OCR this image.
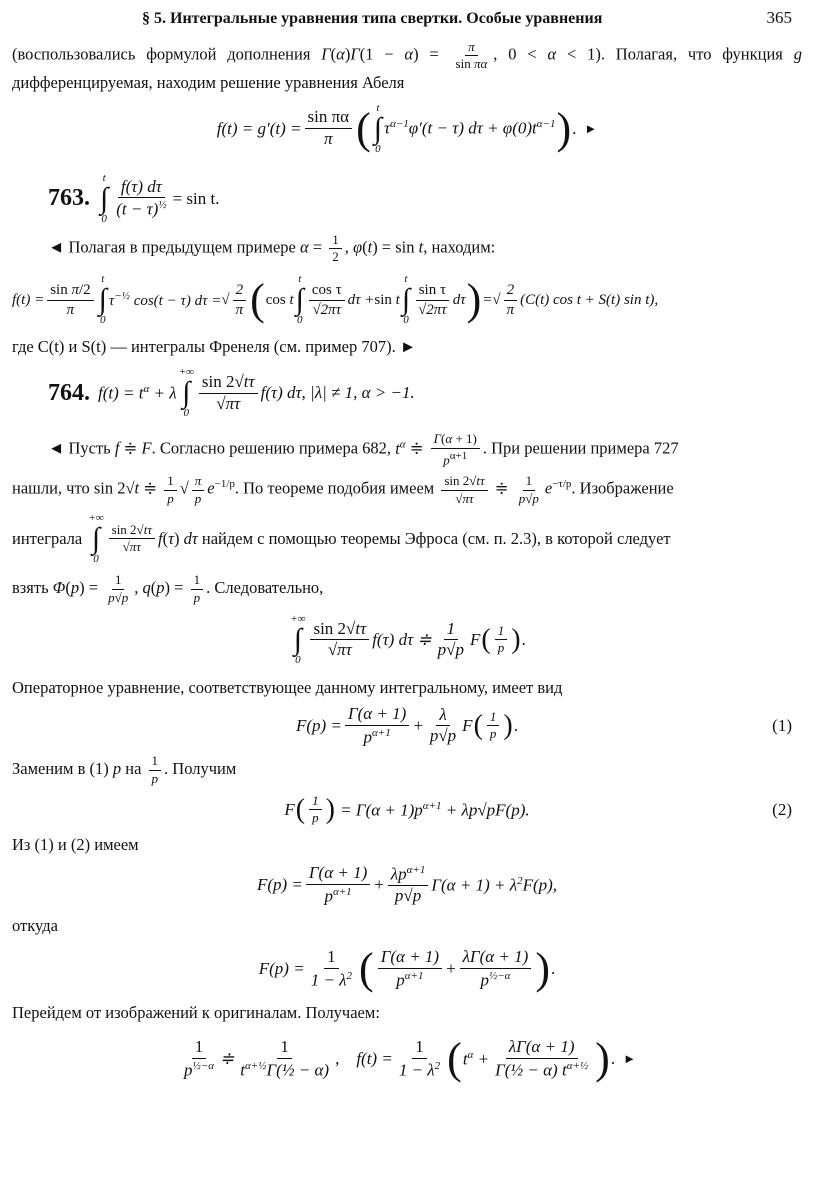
§ 5. Интегральные уравнения типа свертки. Особые уравнения	365

(воспользовались формулой дополнения $\Gamma(\alpha)\Gamma(1 - \alpha) = \frac{\pi}{\text{sin πα}}$ , 0 < α < 1). Полагая, что функция g дифференцируемая, находим решение уравнения Абеля

$f(t) = g'(t) = \frac{\text{sin πα}}{\pi}$ ( t
∫
0
$\tau^{\alpha-1}\varphi'(t - \tau) d\tau + \varphi(0)t^{\alpha-1}$ ) . ►
763.
t
∫
$0 \frac{f(\tau) d\tau}{(t - \tau)^{\frac{1}{2}}} = \sin t$.

◄ Полагая в предыдущем примере $\alpha = \frac{1}{2}$ , φ(t) = sin t, находим:

$f(t) = \frac{\text{sin π/2}}{\pi}$
t
∫
0
$\tau^{-\frac{1}{2}}$ cos(t − τ) dτ = √ $\frac{2}{\pi}$ ( cos t
t
∫
0
$\frac{\text{cos τ}}{√2\pi\tau}$ dτ + sin t
t
∫
0
$\frac{\text{sin τ}}{√2\pi\tau}$ dτ ) = √ $\frac{2}{\pi} (C(t)$ cos t + S(t) sin t),

где C(t) и S(t) — интегралы Френеля (см. пример 707). ►

764. $f(t) = t^\alpha + \lambda$
+∞
∫
$0 \frac{\sin 2√t\tau}{√\pi\tau} f(\tau)$ dτ, |λ| ≠ 1, α > −1.

◄ Пусть f ≑ F. Согласно решению примера 682, $t^\alpha$ ≑ $\frac{\Gamma(\alpha + 1)}{p^{\alpha+1}}$ . При решении примера 727

нашли, что sin 2√t ≑ $\frac{1}{p}$ √ $\frac{\pi}{p} e^{-1/p}$. По теореме подобия имеем $\frac{\sin 2√t\tau}{√\pi\tau}$ ≑ $\frac{1}{p√p} e^{-\tau/p}$. Изображение

интеграла
+∞
∫
0
$\frac{\sin 2√t\tau}{√\pi\tau} f(\tau)$ dτ найдем с помощью теоремы Эфроса (см. п. 2.3), в которой следует

взять $\Phi(p) = \frac{1}{p√p}$ , $q(p) = \frac{1}{p}$ . Следовательно,

+∞
∫
$0 \frac{\sin 2√t\tau}{√\pi\tau} f(\tau)$ dτ ≑ $\frac{1}{p√p}$ F ( $\frac{1}{p}$ ) .

Операторное уравнение, соответствующее данному интегральному, имеет вид

$F(p) = \frac{\Gamma(\alpha + 1)}{p^{\alpha+1}} + \frac{\lambda}{p√p}$ F ( $\frac{1}{p}$ ) .	(1)

Заменим в (1) p на $\frac{1}{p}$ . Получим

F ( $\frac{1}{p}$ ) = $\Gamma(\alpha + 1)p^{\alpha+1} + \lambda p√pF(p)$.	(2)

Из (1) и (2) имеем

$F(p) = \frac{\Gamma(\alpha + 1)}{p^{\alpha+1}} + \frac{\lambda p^{\alpha+1}}{p√p} \Gamma(\alpha + 1) + \lambda^2F(p)$,

откуда

$F(p) = \frac{1}{1 - \lambda^2}$ ( $\frac{\Gamma(\alpha + 1)}{p^{\alpha+1}} + \frac{\lambda\Gamma(\alpha + 1)}{p^{\frac{1}{2}-\alpha}}$ ) .

Перейдем от изображений к оригиналам. Получаем:

$\frac{1}{p^{\frac{1}{2}-\alpha}}$ ≑ $\frac{1}{t^{\alpha+\frac{1}{2}}\Gamma(\frac{1}{2} - \alpha)}$ ,    $f(t) = \frac{1}{1 - \lambda^2}$ ( $t^\alpha + \frac{\lambda\Gamma(\alpha + 1)}{\Gamma(\frac{1}{2} - \alpha) t^{\alpha+\frac{1}{2}}}$ ) . ►
